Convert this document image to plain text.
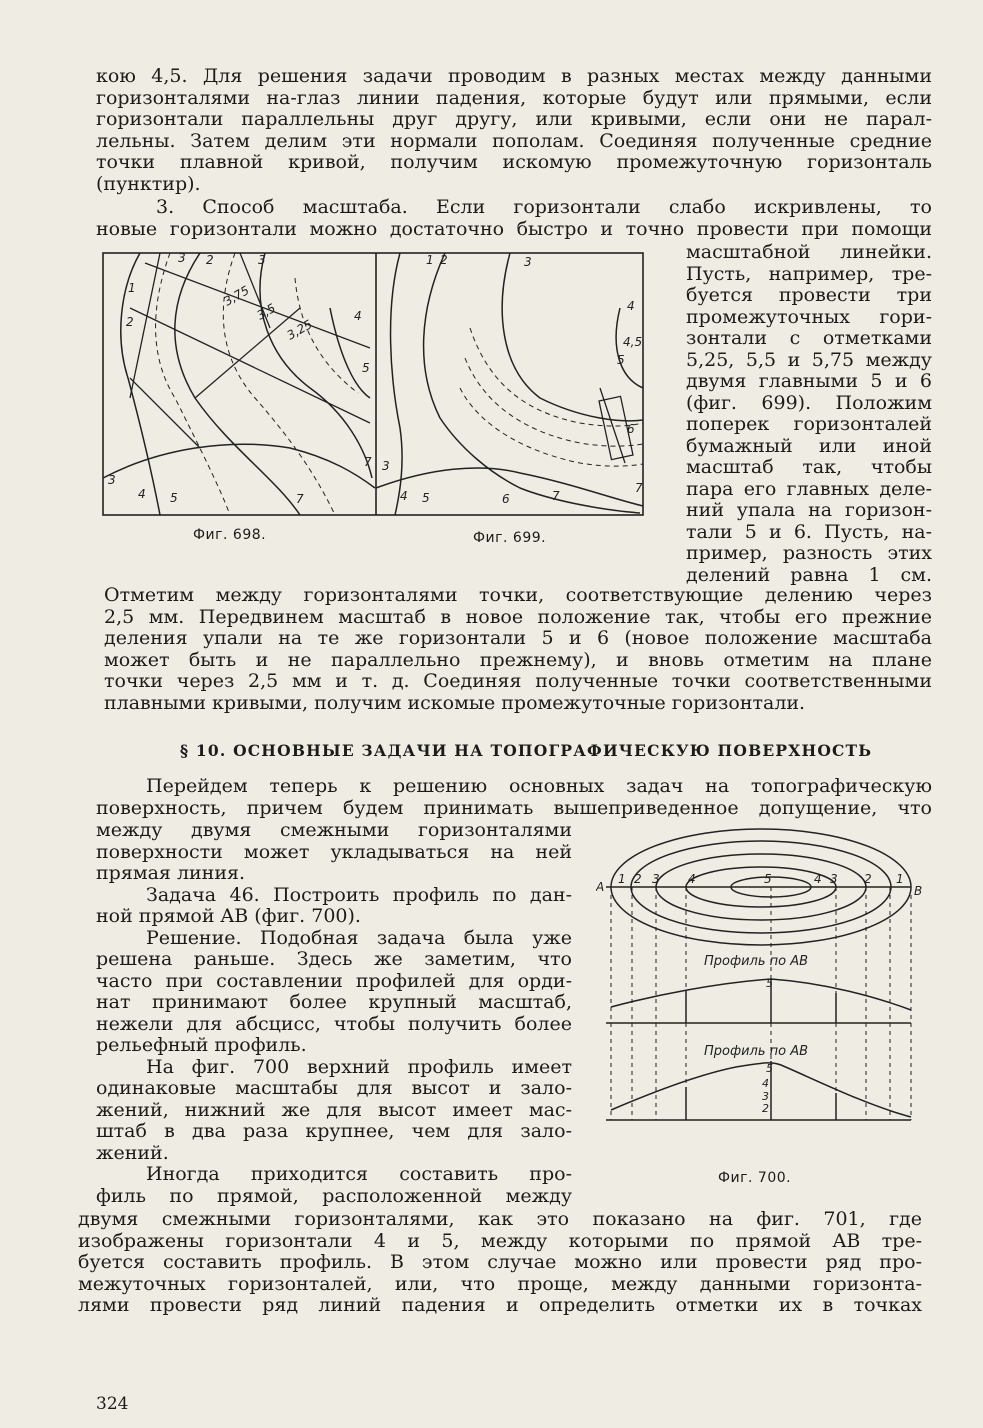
кою 4,5. Для решения задачи проводим в разных местах между данными
горизонталями на-глаз линии падения, которые будут или прямыми, если
горизонтали параллельны друг другу, или кривыми, если они не парал-
лельны. Затем делим эти нормали пополам. Соединяя полученные средние
точки плавной кривой, получим искомую промежуточную горизонталь
(пунктир).
3. Способ масштаба. Если горизонтали слабо искривлены, то
новые горизонтали можно достаточно быстро и точно провести при помощи
3 2	3
1
2
3,75
3,5
3,25
4
5
7
3
4 5	7
1 2	3
4
4,5
5
6
3
4 5	6	7
7
Фиг. 698.	Фиг. 699.
масштабной линейки.
Пусть, например, тре-
буется провести три
промежуточных гори-
зонтали с отметками
5,25, 5,5 и 5,75 между
двумя главными 5 и 6
(фиг. 699). Положим
поперек горизонталей
бумажный или иной
масштаб так, чтобы
пара его главных деле-
ний упала на горизон-
тали 5 и 6. Пусть, на-
пример, разность этих
делений равна 1 см.
Отметим между горизонталями точки, соответствующие делению через
2,5 мм. Передвинем масштаб в новое положение так, чтобы его прежние
деления упали на те же горизонтали 5 и 6 (новое положение масштаба
может быть и не параллельно прежнему), и вновь отметим на плане
точки через 2,5 мм и т. д. Соединяя полученные точки соответственными
плавными кривыми, получим искомые промежуточные горизонтали.
§ 10. ОСНОВНЫЕ ЗАДАЧИ НА ТОПОГРАФИЧЕСКУЮ ПОВЕРХНОСТЬ
Перейдем теперь к решению основных задач на топографическую
поверхность, причем будем принимать вышеприведенное допущение, что
между двумя смежными горизонталями
поверхности может укладываться на ней
прямая линия.
Задача 46. Построить профиль по дан-
ной прямой AB (фиг. 700).
Решение. Подобная задача была уже
решена раньше. Здесь же заметим, что
часто при составлении профилей для орди-
нат принимают более крупный масштаб,
нежели для абсцисс, чтобы получить более
рельефный профиль.
На фиг. 700 верхний профиль имеет
одинаковые масштабы для высот и зало-
жений, нижний же для высот имеет мас-
штаб в два раза крупнее, чем для зало-
жений.
Иногда приходится составить про-
филь по прямой, расположенной между
A	B
1 2 3 4	5	4 3 2 1
Профиль по AB
Профиль по AB
5
5
4
3
2
Фиг. 700.
двумя смежными горизонталями, как это показано на фиг. 701, где
изображены горизонтали 4 и 5, между которыми по прямой AB тре-
буется составить профиль. В этом случае можно или провести ряд про-
межуточных горизонталей, или, что проще, между данными горизонта-
лями провести ряд линий падения и определить отметки их в точках
324
